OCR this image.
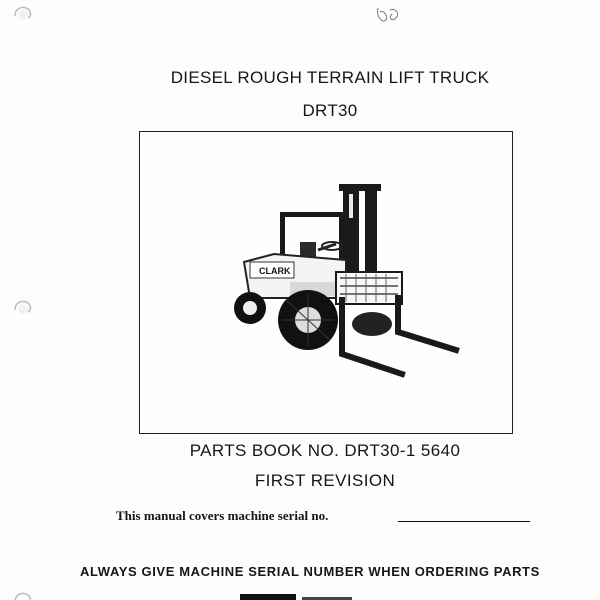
DIESEL ROUGH TERRAIN LIFT TRUCK
DRT30
CLARK
PARTS BOOK NO. DRT30-1 5640
FIRST REVISION
This manual covers machine serial no.
ALWAYS GIVE MACHINE SERIAL NUMBER WHEN ORDERING PARTS
